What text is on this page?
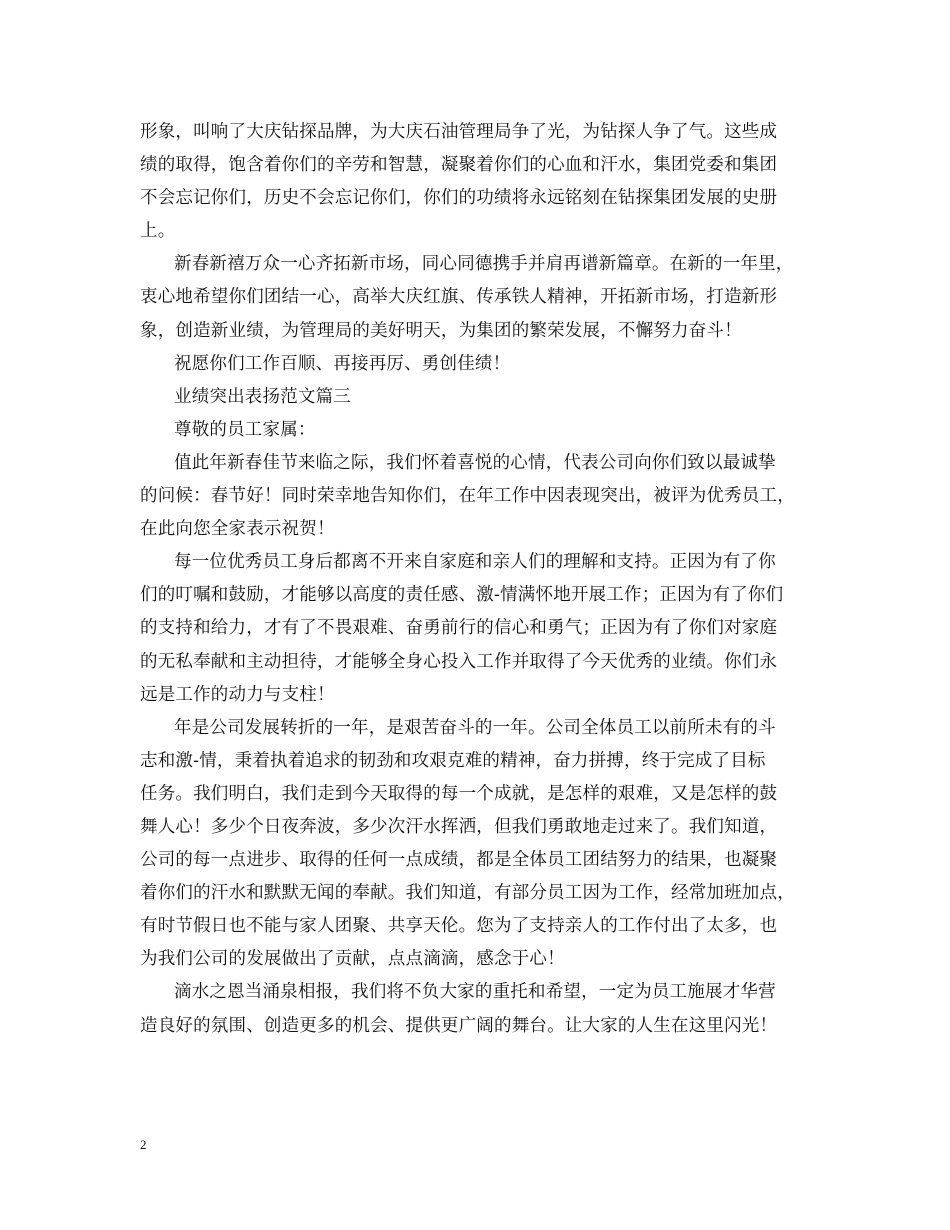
形象，叫响了大庆钻探品牌，为大庆石油管理局争了光，为钻探人争了气。这些成
绩的取得，饱含着你们的辛劳和智慧，凝聚着你们的心血和汗水，集团党委和集团
不会忘记你们，历史不会忘记你们，你们的功绩将永远铭刻在钻探集团发展的史册
上。
新春新禧万众一心齐拓新市场，同心同德携手并肩再谱新篇章。在新的一年里，
衷心地希望你们团结一心，高举大庆红旗、传承铁人精神，开拓新市场，打造新形
象，创造新业绩，为管理局的美好明天，为集团的繁荣发展，不懈努力奋斗！
祝愿你们工作百顺、再接再厉、勇创佳绩！
业绩突出表扬范文篇三
尊敬的员工家属：
值此年新春佳节来临之际，我们怀着喜悦的心情，代表公司向你们致以最诚挚
的问候：春节好！同时荣幸地告知你们，在年工作中因表现突出，被评为优秀员工，
在此向您全家表示祝贺！
每一位优秀员工身后都离不开来自家庭和亲人们的理解和支持。正因为有了你
们的叮嘱和鼓励，才能够以高度的责任感、激-情满怀地开展工作；正因为有了你们
的支持和给力，才有了不畏艰难、奋勇前行的信心和勇气；正因为有了你们对家庭
的无私奉献和主动担待，才能够全身心投入工作并取得了今天优秀的业绩。你们永
远是工作的动力与支柱！
年是公司发展转折的一年，是艰苦奋斗的一年。公司全体员工以前所未有的斗
志和激-情，秉着执着追求的韧劲和攻艰克难的精神，奋力拼搏，终于完成了目标
任务。我们明白，我们走到今天取得的每一个成就，是怎样的艰难，又是怎样的鼓
舞人心！多少个日夜奔波，多少次汗水挥洒，但我们勇敢地走过来了。我们知道，
公司的每一点进步、取得的任何一点成绩，都是全体员工团结努力的结果，也凝聚
着你们的汗水和默默无闻的奉献。我们知道，有部分员工因为工作，经常加班加点，
有时节假日也不能与家人团聚、共享天伦。您为了支持亲人的工作付出了太多，也
为我们公司的发展做出了贡献，点点滴滴，感念于心！
滴水之恩当涌泉相报，我们将不负大家的重托和希望，一定为员工施展才华营
造良好的氛围、创造更多的机会、提供更广阔的舞台。让大家的人生在这里闪光！
2
